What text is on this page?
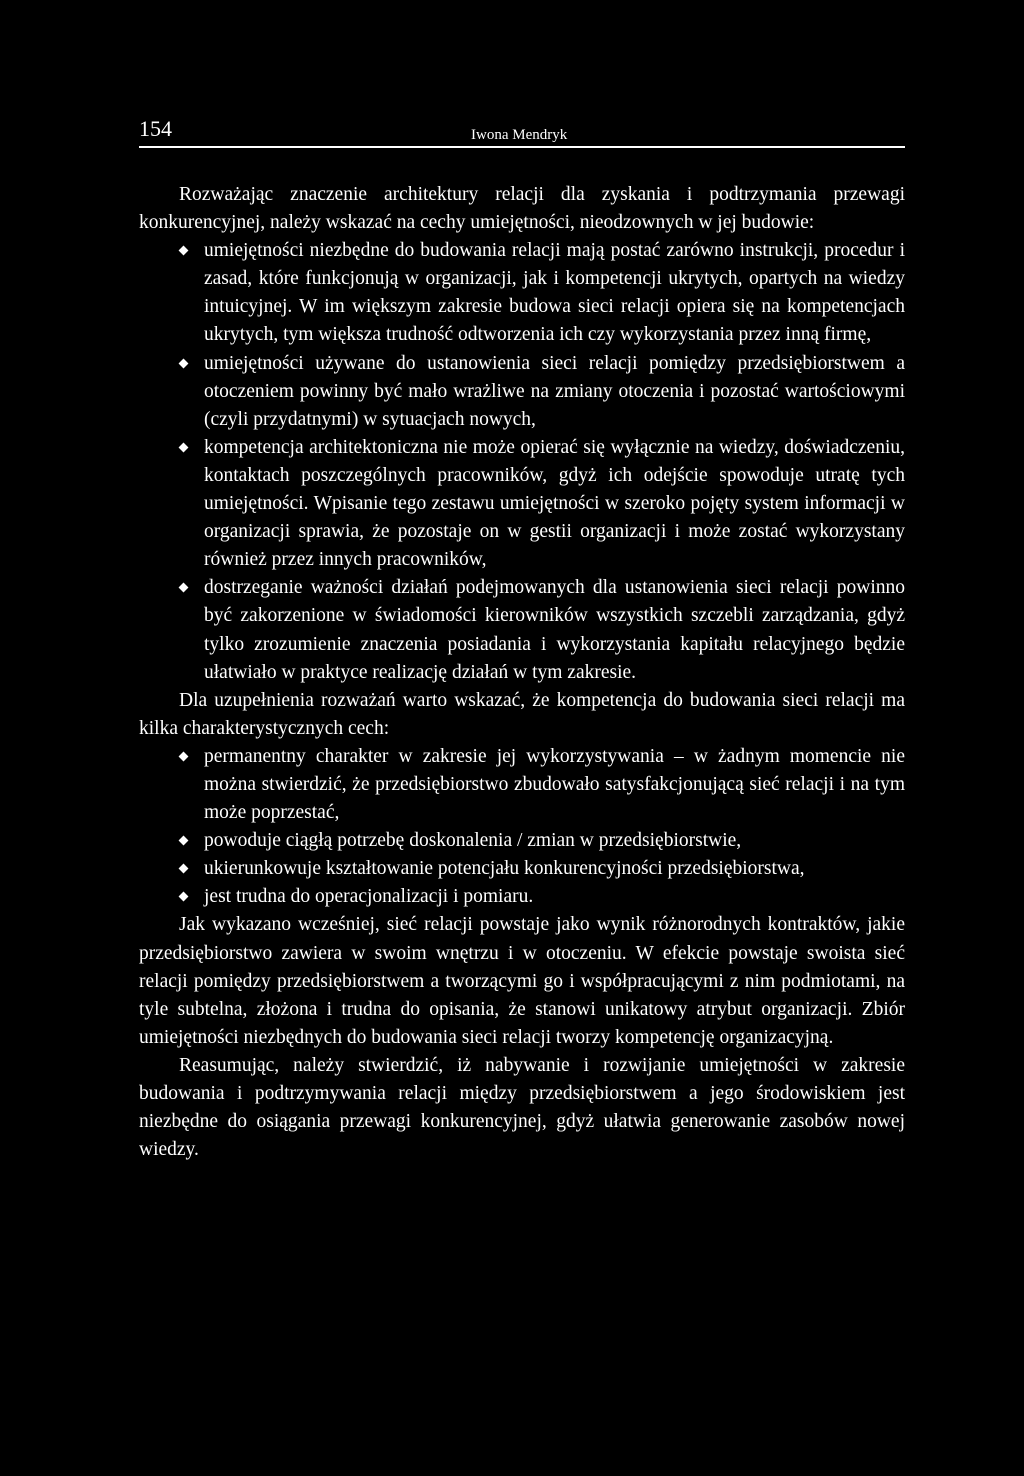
154	Iwona Mendryk

Rozważając znaczenie architektury relacji dla zyskania i podtrzymania przewagi konkurencyjnej, należy wskazać na cechy umiejętności, nieodzownych w jej budowie:

umiejętności niezbędne do budowania relacji mają postać zarówno instrukcji, procedur i zasad, które funkcjonują w organizacji, jak i kompetencji ukrytych, opartych na wiedzy intuicyjnej. W im większym zakresie budowa sieci relacji opiera się na kompetencjach ukrytych, tym większa trudność odtworzenia ich czy wykorzystania przez inną firmę,
umiejętności używane do ustanowienia sieci relacji pomiędzy przedsiębiorstwem a otoczeniem powinny być mało wrażliwe na zmiany otoczenia i pozostać wartościowymi (czyli przydatnymi) w sytuacjach nowych,
kompetencja architektoniczna nie może opierać się wyłącznie na wiedzy, doświadczeniu, kontaktach poszczególnych pracowników, gdyż ich odejście spowoduje utratę tych umiejętności. Wpisanie tego zestawu umiejętności w szeroko pojęty system informacji w organizacji sprawia, że pozostaje on w gestii organizacji i może zostać wykorzystany również przez innych pracowników,
dostrzeganie ważności działań podejmowanych dla ustanowienia sieci relacji powinno być zakorzenione w świadomości kierowników wszystkich szczebli zarządzania, gdyż tylko zrozumienie znaczenia posiadania i wykorzystania kapitału relacyjnego będzie ułatwiało w praktyce realizację działań w tym zakresie.

Dla uzupełnienia rozważań warto wskazać, że kompetencja do budowania sieci relacji ma kilka charakterystycznych cech:

permanentny charakter w zakresie jej wykorzystywania – w żadnym momencie nie można stwierdzić, że przedsiębiorstwo zbudowało satysfakcjonującą sieć relacji i na tym może poprzestać,
powoduje ciągłą potrzebę doskonalenia / zmian w przedsiębiorstwie,
ukierunkowuje kształtowanie potencjału konkurencyjności przedsiębiorstwa,
jest trudna do operacjonalizacji i pomiaru.

Jak wykazano wcześniej, sieć relacji powstaje jako wynik różnorodnych kontraktów, jakie przedsiębiorstwo zawiera w swoim wnętrzu i w otoczeniu. W efekcie powstaje swoista sieć relacji pomiędzy przedsiębiorstwem a tworzącymi go i współpracującymi z nim podmiotami, na tyle subtelna, złożona i trudna do opisania, że stanowi unikatowy atrybut organizacji. Zbiór umiejętności niezbędnych do budowania sieci relacji tworzy kompetencję organizacyjną.

Reasumując, należy stwierdzić, iż nabywanie i rozwijanie umiejętności w zakresie budowania i podtrzymywania relacji między przedsiębiorstwem a jego środowiskiem jest niezbędne do osiągania przewagi konkurencyjnej, gdyż ułatwia generowanie zasobów nowej wiedzy.
